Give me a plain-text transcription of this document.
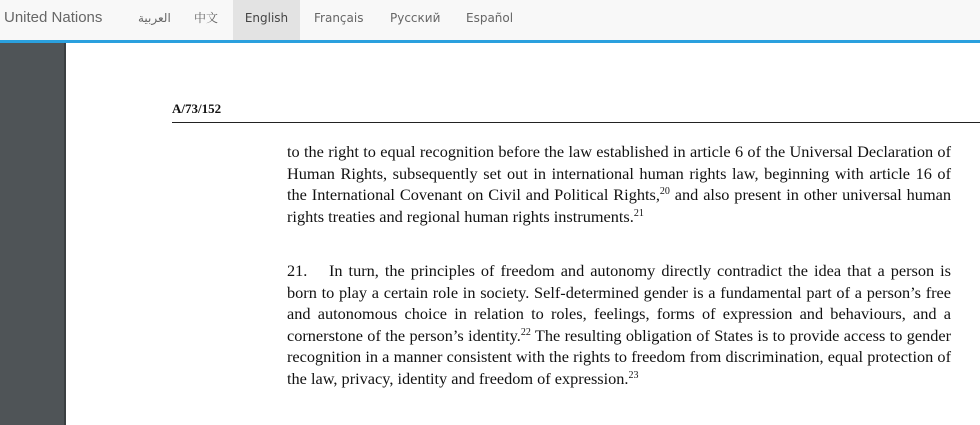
United Nations	العربية 中文	English	Français Русский Español
A/73/152
to the right to equal recognition before the law established in article 6 of the Universal Declaration of Human Rights, subsequently set out in international human rights law, beginning with article 16 of the International Covenant on Civil and Political Rights,$^{20}$ and also present in other universal human rights treaties and regional human rights instruments.$^{21}$
21. In turn, the principles of freedom and autonomy directly contradict the idea that a person is born to play a certain role in society. Self-determined gender is a fundamental part of a person’s free and autonomous choice in relation to roles, feelings, forms of expression and behaviours, and a cornerstone of the person’s identity.$^{22}$ The resulting obligation of States is to provide access to gender recognition in a manner consistent with the rights to freedom from discrimination, equal protection of the law, privacy, identity and freedom of expression.$^{23}$
